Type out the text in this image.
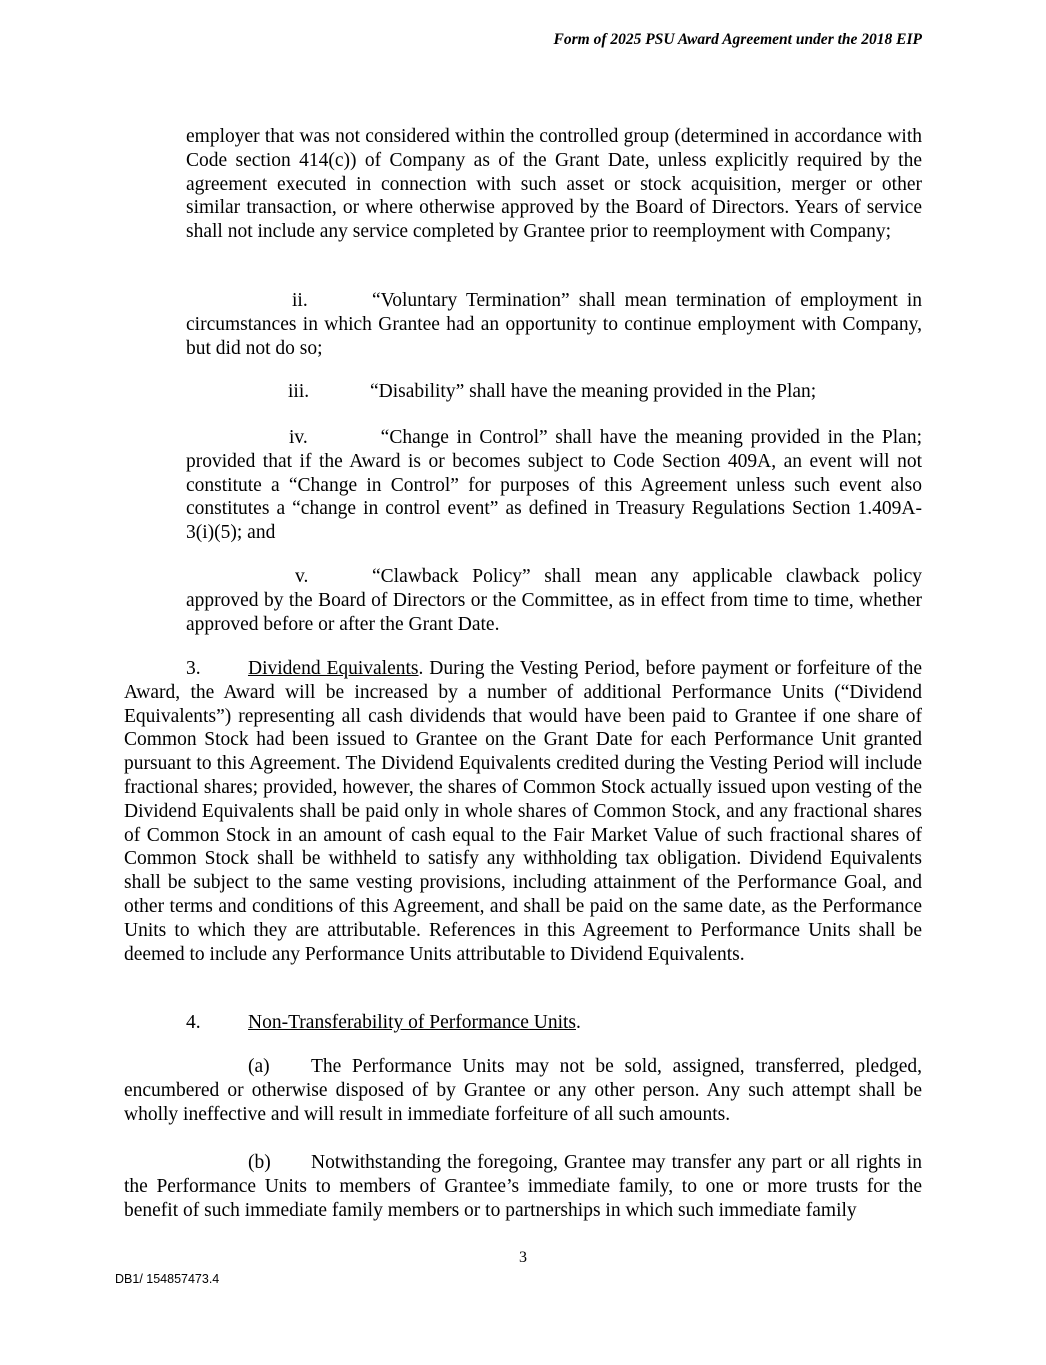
Form of 2025 PSU Award Agreement under the 2018 EIP

employer that was not considered within the controlled group (determined in accordance with Code section 414(c)) of Company as of the Grant Date, unless explicitly required by the agreement executed in connection with such asset or stock acquisition, merger or other similar transaction, or where otherwise approved by the Board of Directors. Years of service shall not include any service completed by Grantee prior to reemployment with Company;

ii.	“Voluntary Termination” shall mean termination of employment in circumstances in which Grantee had an opportunity to continue employment with Company, but did not do so;

iii.	“Disability” shall have the meaning provided in the Plan;

iv.	“Change in Control” shall have the meaning provided in the Plan; provided that if the Award is or becomes subject to Code Section 409A, an event will not constitute a “Change in Control” for purposes of this Agreement unless such event also constitutes a “change in control event” as defined in Treasury Regulations Section 1.409A-3(i)(5); and

v.	“Clawback Policy” shall mean any applicable clawback policy approved by the Board of Directors or the Committee, as in effect from time to time, whether approved before or after the Grant Date.

3. Dividend Equivalents. During the Vesting Period, before payment or forfeiture of the Award, the Award will be increased by a number of additional Performance Units (“Dividend Equivalents”) representing all cash dividends that would have been paid to Grantee if one share of Common Stock had been issued to Grantee on the Grant Date for each Performance Unit granted pursuant to this Agreement. The Dividend Equivalents credited during the Vesting Period will include fractional shares; provided, however, the shares of Common Stock actually issued upon vesting of the Dividend Equivalents shall be paid only in whole shares of Common Stock, and any fractional shares of Common Stock in an amount of cash equal to the Fair Market Value of such fractional shares of Common Stock shall be withheld to satisfy any withholding tax obligation. Dividend Equivalents shall be subject to the same vesting provisions, including attainment of the Performance Goal, and other terms and conditions of this Agreement, and shall be paid on the same date, as the Performance Units to which they are attributable. References in this Agreement to Performance Units shall be deemed to include any Performance Units attributable to Dividend Equivalents.

4. Non-Transferability of Performance Units.

(a) The Performance Units may not be sold, assigned, transferred, pledged, encumbered or otherwise disposed of by Grantee or any other person. Any such attempt shall be wholly ineffective and will result in immediate forfeiture of all such amounts.

(b) Notwithstanding the foregoing, Grantee may transfer any part or all rights in the Performance Units to members of Grantee’s immediate family, to one or more trusts for the benefit of such immediate family members or to partnerships in which such immediate family

3
DB1/ 154857473.4
